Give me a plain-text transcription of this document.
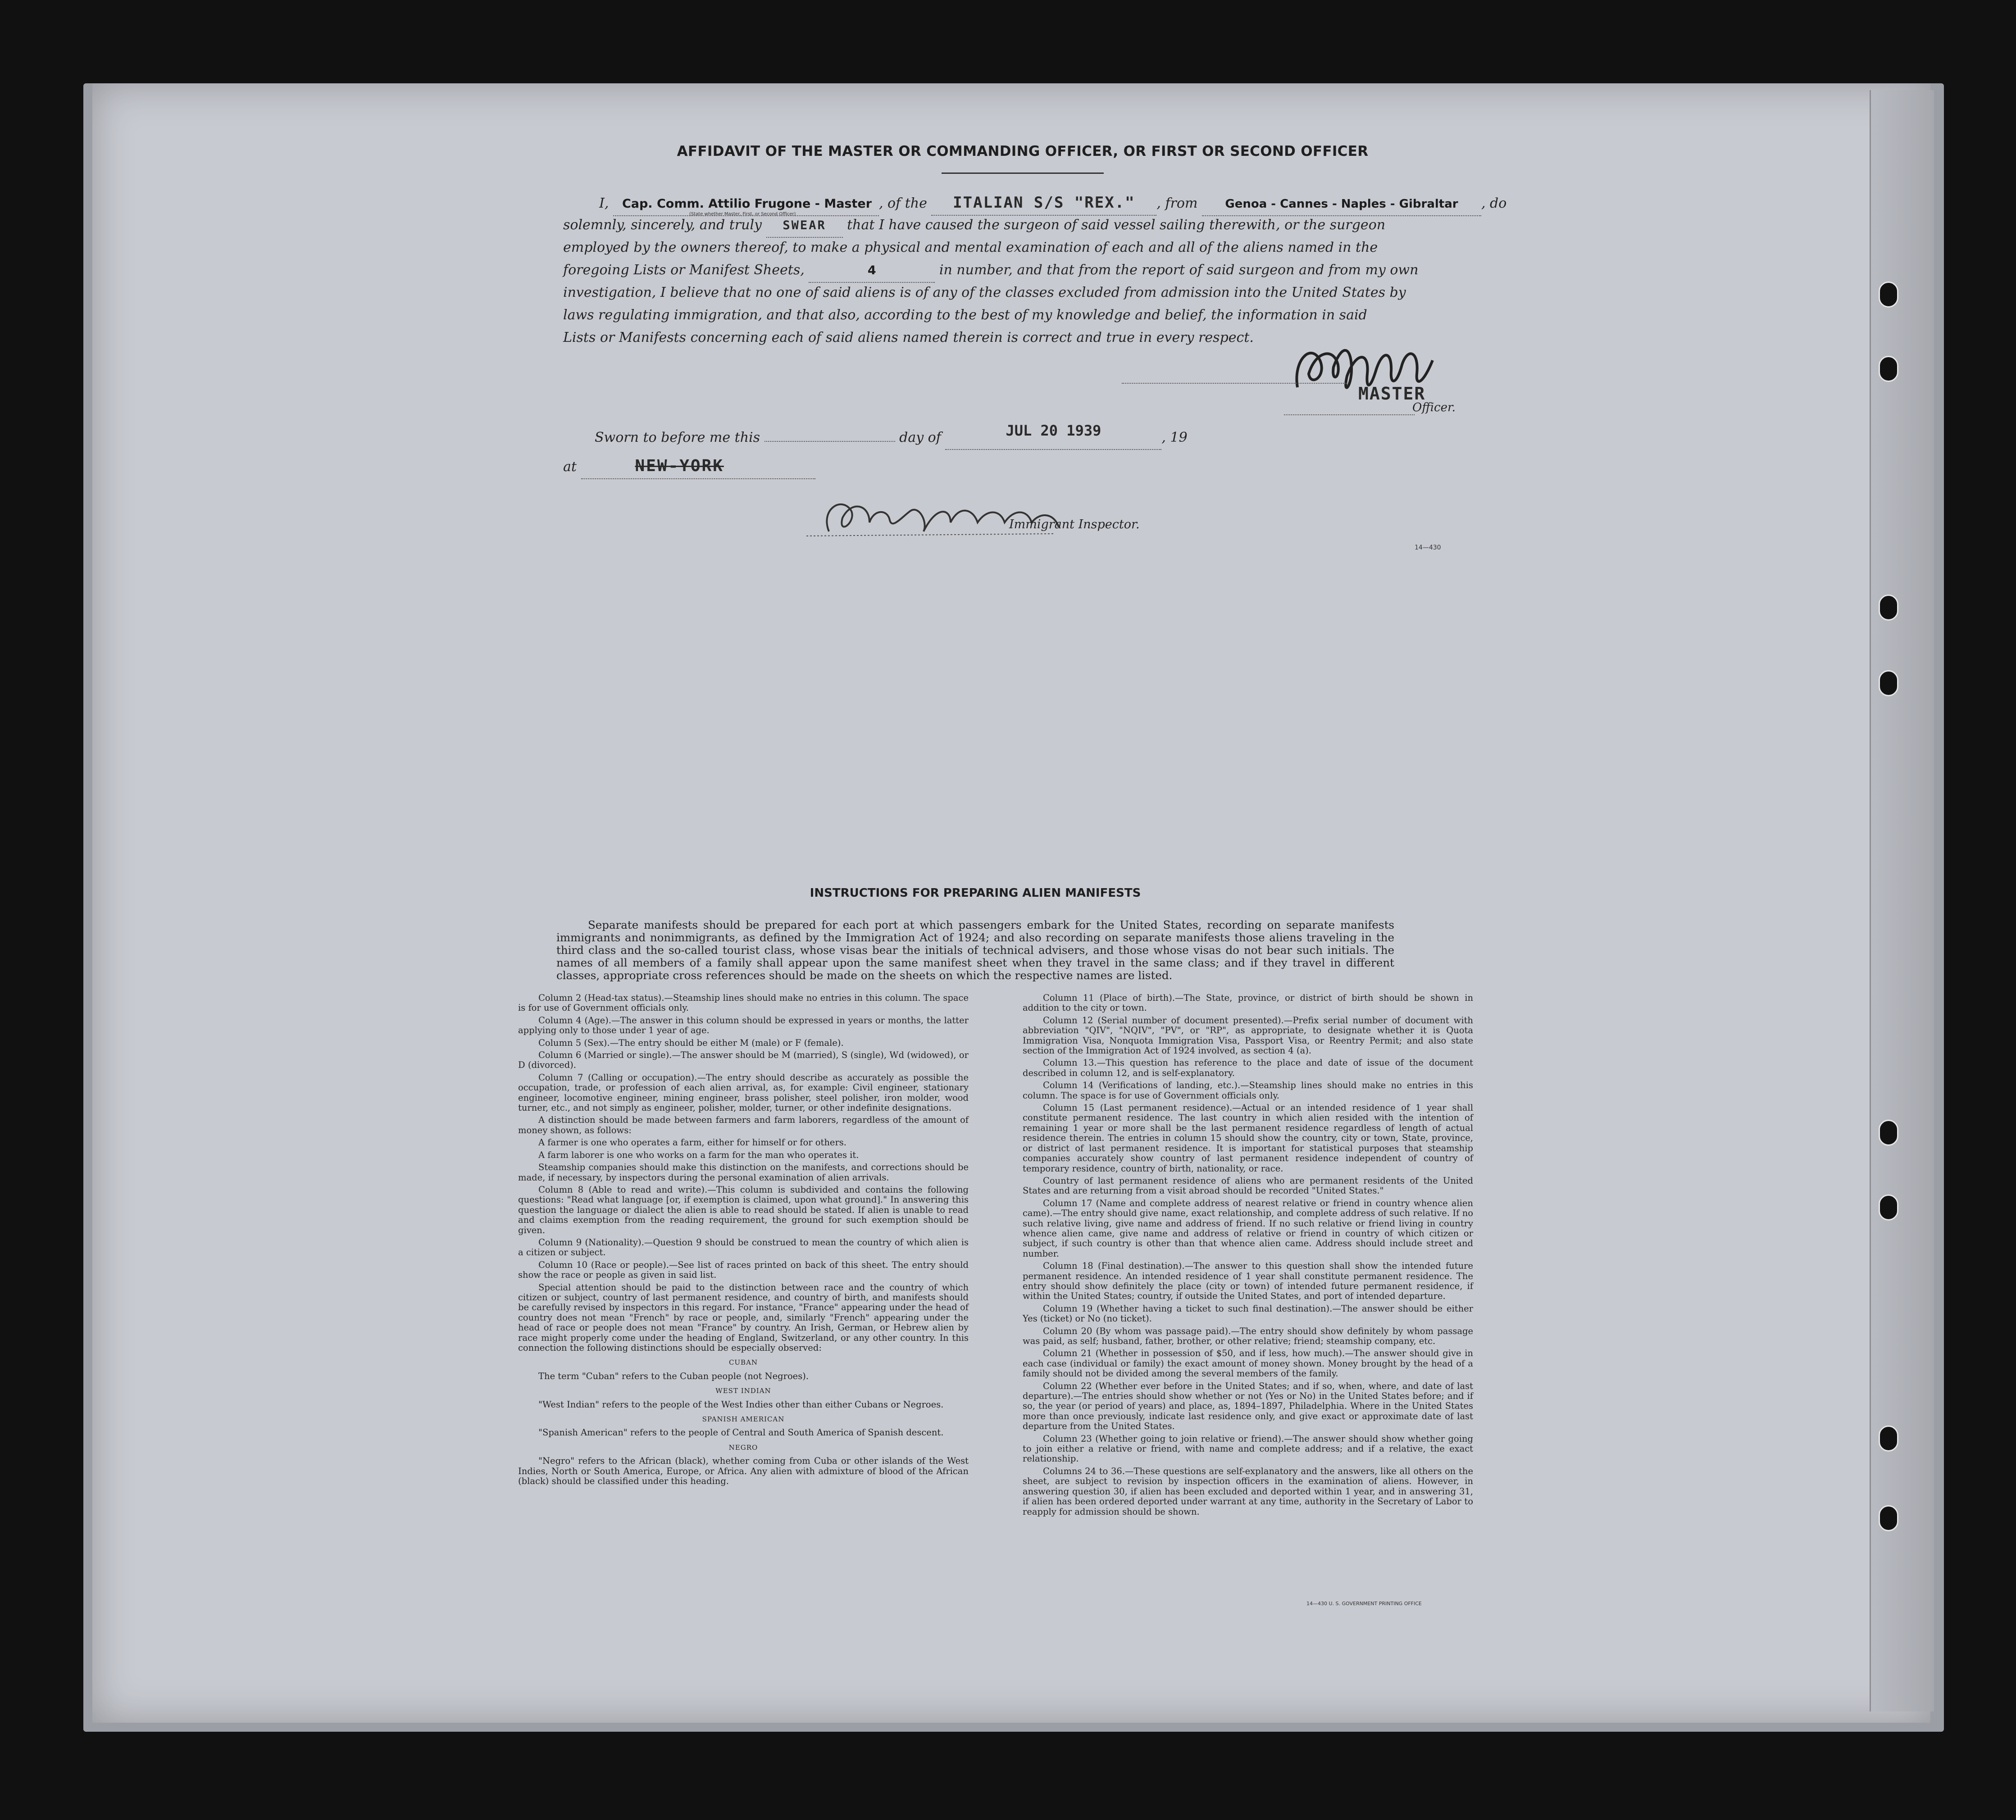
AFFIDAVIT OF THE MASTER OR COMMANDING OFFICER, OR FIRST OR SECOND OFFICER
I, Cap. Comm. Attilio Frugone - Master , of the ITALIAN S/S "REX." , from Genoa - Cannes - Naples - Gibraltar , do
(State whether Master, First, or Second Officer)
solemnly, sincerely, and truly SWEAR that I have caused the surgeon of said vessel sailing therewith, or the surgeon
employed by the owners thereof, to make a physical and mental examination of each and all of the aliens named in the
foregoing Lists or Manifest Sheets,	4	in number, and that from the report of said surgeon and from my own
investigation, I believe that no one of said aliens is of any of the classes excluded from admission into the United States by
laws regulating immigration, and that also, according to the best of my knowledge and belief, the information in said
Lists or Manifests concerning each of said aliens named therein is correct and true in every respect.
MASTER
Officer.
Sworn to before me this	day of	JUL 20 1939	, 19
at	NEW-YORK
Immigrant Inspector.
14—430
INSTRUCTIONS FOR PREPARING ALIEN MANIFESTS
Separate manifests should be prepared for each port at which passengers embark for the United States, recording on separate manifests immigrants and nonimmigrants, as defined by the Immigration Act of 1924; and also recording on separate manifests those aliens traveling in the third class and the so-called tourist class, whose visas bear the initials of technical advisers, and those whose visas do not bear such initials. The names of all members of a family shall appear upon the same manifest sheet when they travel in the same class; and if they travel in different classes, appropriate cross references should be made on the sheets on which the respective names are listed.

Column 2 (Head-tax status).—Steamship lines should make no entries in this column. The space is for use of Government officials only.

Column 4 (Age).—The answer in this column should be expressed in years or months, the latter applying only to those under 1 year of age.

Column 5 (Sex).—The entry should be either M (male) or F (female).

Column 6 (Married or single).—The answer should be M (married), S (single), Wd (widowed), or D (divorced).

Column 7 (Calling or occupation).—The entry should describe as accurately as possible the occupation, trade, or profession of each alien arrival, as, for example: Civil engineer, stationary engineer, locomotive engineer, mining engineer, brass polisher, steel polisher, iron molder, wood turner, etc., and not simply as engineer, polisher, molder, turner, or other indefinite designations.

A distinction should be made between farmers and farm laborers, regardless of the amount of money shown, as follows:

A farmer is one who operates a farm, either for himself or for others.

A farm laborer is one who works on a farm for the man who operates it.

Steamship companies should make this distinction on the manifests, and corrections should be made, if necessary, by inspectors during the personal examination of alien arrivals.

Column 8 (Able to read and write).—This column is subdivided and contains the following questions: "Read what language [or, if exemption is claimed, upon what ground]." In answering this question the language or dialect the alien is able to read should be stated. If alien is unable to read and claims exemption from the reading requirement, the ground for such exemption should be given.

Column 9 (Nationality).—Question 9 should be construed to mean the country of which alien is a citizen or subject.

Column 10 (Race or people).—See list of races printed on back of this sheet. The entry should show the race or people as given in said list.

Special attention should be paid to the distinction between race and the country of which citizen or subject, country of last permanent residence, and country of birth, and manifests should be carefully revised by inspectors in this regard. For instance, "France" appearing under the head of country does not mean "French" by race or people, and, similarly "French" appearing under the head of race or people does not mean "France" by country. An Irish, German, or Hebrew alien by race might properly come under the heading of England, Switzerland, or any other country. In this connection the following distinctions should be especially observed:

CUBAN

The term "Cuban" refers to the Cuban people (not Negroes).

WEST INDIAN

"West Indian" refers to the people of the West Indies other than either Cubans or Negroes.

SPANISH AMERICAN

"Spanish American" refers to the people of Central and South America of Spanish descent.

NEGRO

"Negro" refers to the African (black), whether coming from Cuba or other islands of the West Indies, North or South America, Europe, or Africa. Any alien with admixture of blood of the African (black) should be classified under this heading.

Column 11 (Place of birth).—The State, province, or district of birth should be shown in addition to the city or town.

Column 12 (Serial number of document presented).—Prefix serial number of document with abbreviation "QIV", "NQIV", "PV", or "RP", as appropriate, to designate whether it is Quota Immigration Visa, Nonquota Immigration Visa, Passport Visa, or Reentry Permit; and also state section of the Immigration Act of 1924 involved, as section 4 (a).

Column 13.—This question has reference to the place and date of issue of the document described in column 12, and is self-explanatory.

Column 14 (Verifications of landing, etc.).—Steamship lines should make no entries in this column. The space is for use of Government officials only.

Column 15 (Last permanent residence).—Actual or an intended residence of 1 year shall constitute permanent residence. The last country in which alien resided with the intention of remaining 1 year or more shall be the last permanent residence regardless of length of actual residence therein. The entries in column 15 should show the country, city or town, State, province, or district of last permanent residence. It is important for statistical purposes that steamship companies accurately show country of last permanent residence independent of country of temporary residence, country of birth, nationality, or race.

Country of last permanent residence of aliens who are permanent residents of the United States and are returning from a visit abroad should be recorded "United States."

Column 17 (Name and complete address of nearest relative or friend in country whence alien came).—The entry should give name, exact relationship, and complete address of such relative. If no such relative living, give name and address of friend. If no such relative or friend living in country whence alien came, give name and address of relative or friend in country of which citizen or subject, if such country is other than that whence alien came. Address should include street and number.

Column 18 (Final destination).—The answer to this question shall show the intended future permanent residence. An intended residence of 1 year shall constitute permanent residence. The entry should show definitely the place (city or town) of intended future permanent residence, if within the United States; country, if outside the United States, and port of intended departure.

Column 19 (Whether having a ticket to such final destination).—The answer should be either Yes (ticket) or No (no ticket).

Column 20 (By whom was passage paid).—The entry should show definitely by whom passage was paid, as self; husband, father, brother, or other relative; friend; steamship company, etc.

Column 21 (Whether in possession of $50, and if less, how much).—The answer should give in each case (individual or family) the exact amount of money shown. Money brought by the head of a family should not be divided among the several members of the family.

Column 22 (Whether ever before in the United States; and if so, when, where, and date of last departure).—The entries should show whether or not (Yes or No) in the United States before; and if so, the year (or period of years) and place, as, 1894–1897, Philadelphia. Where in the United States more than once previously, indicate last residence only, and give exact or approximate date of last departure from the United States.

Column 23 (Whether going to join relative or friend).—The answer should show whether going to join either a relative or friend, with name and complete address; and if a relative, the exact relationship.

Columns 24 to 36.—These questions are self-explanatory and the answers, like all others on the sheet, are subject to revision by inspection officers in the examination of aliens. However, in answering question 30, if alien has been excluded and deported within 1 year, and in answering 31, if alien has been ordered deported under warrant at any time, authority in the Secretary of Labor to reapply for admission should be shown.

14—430 U. S. GOVERNMENT PRINTING OFFICE
